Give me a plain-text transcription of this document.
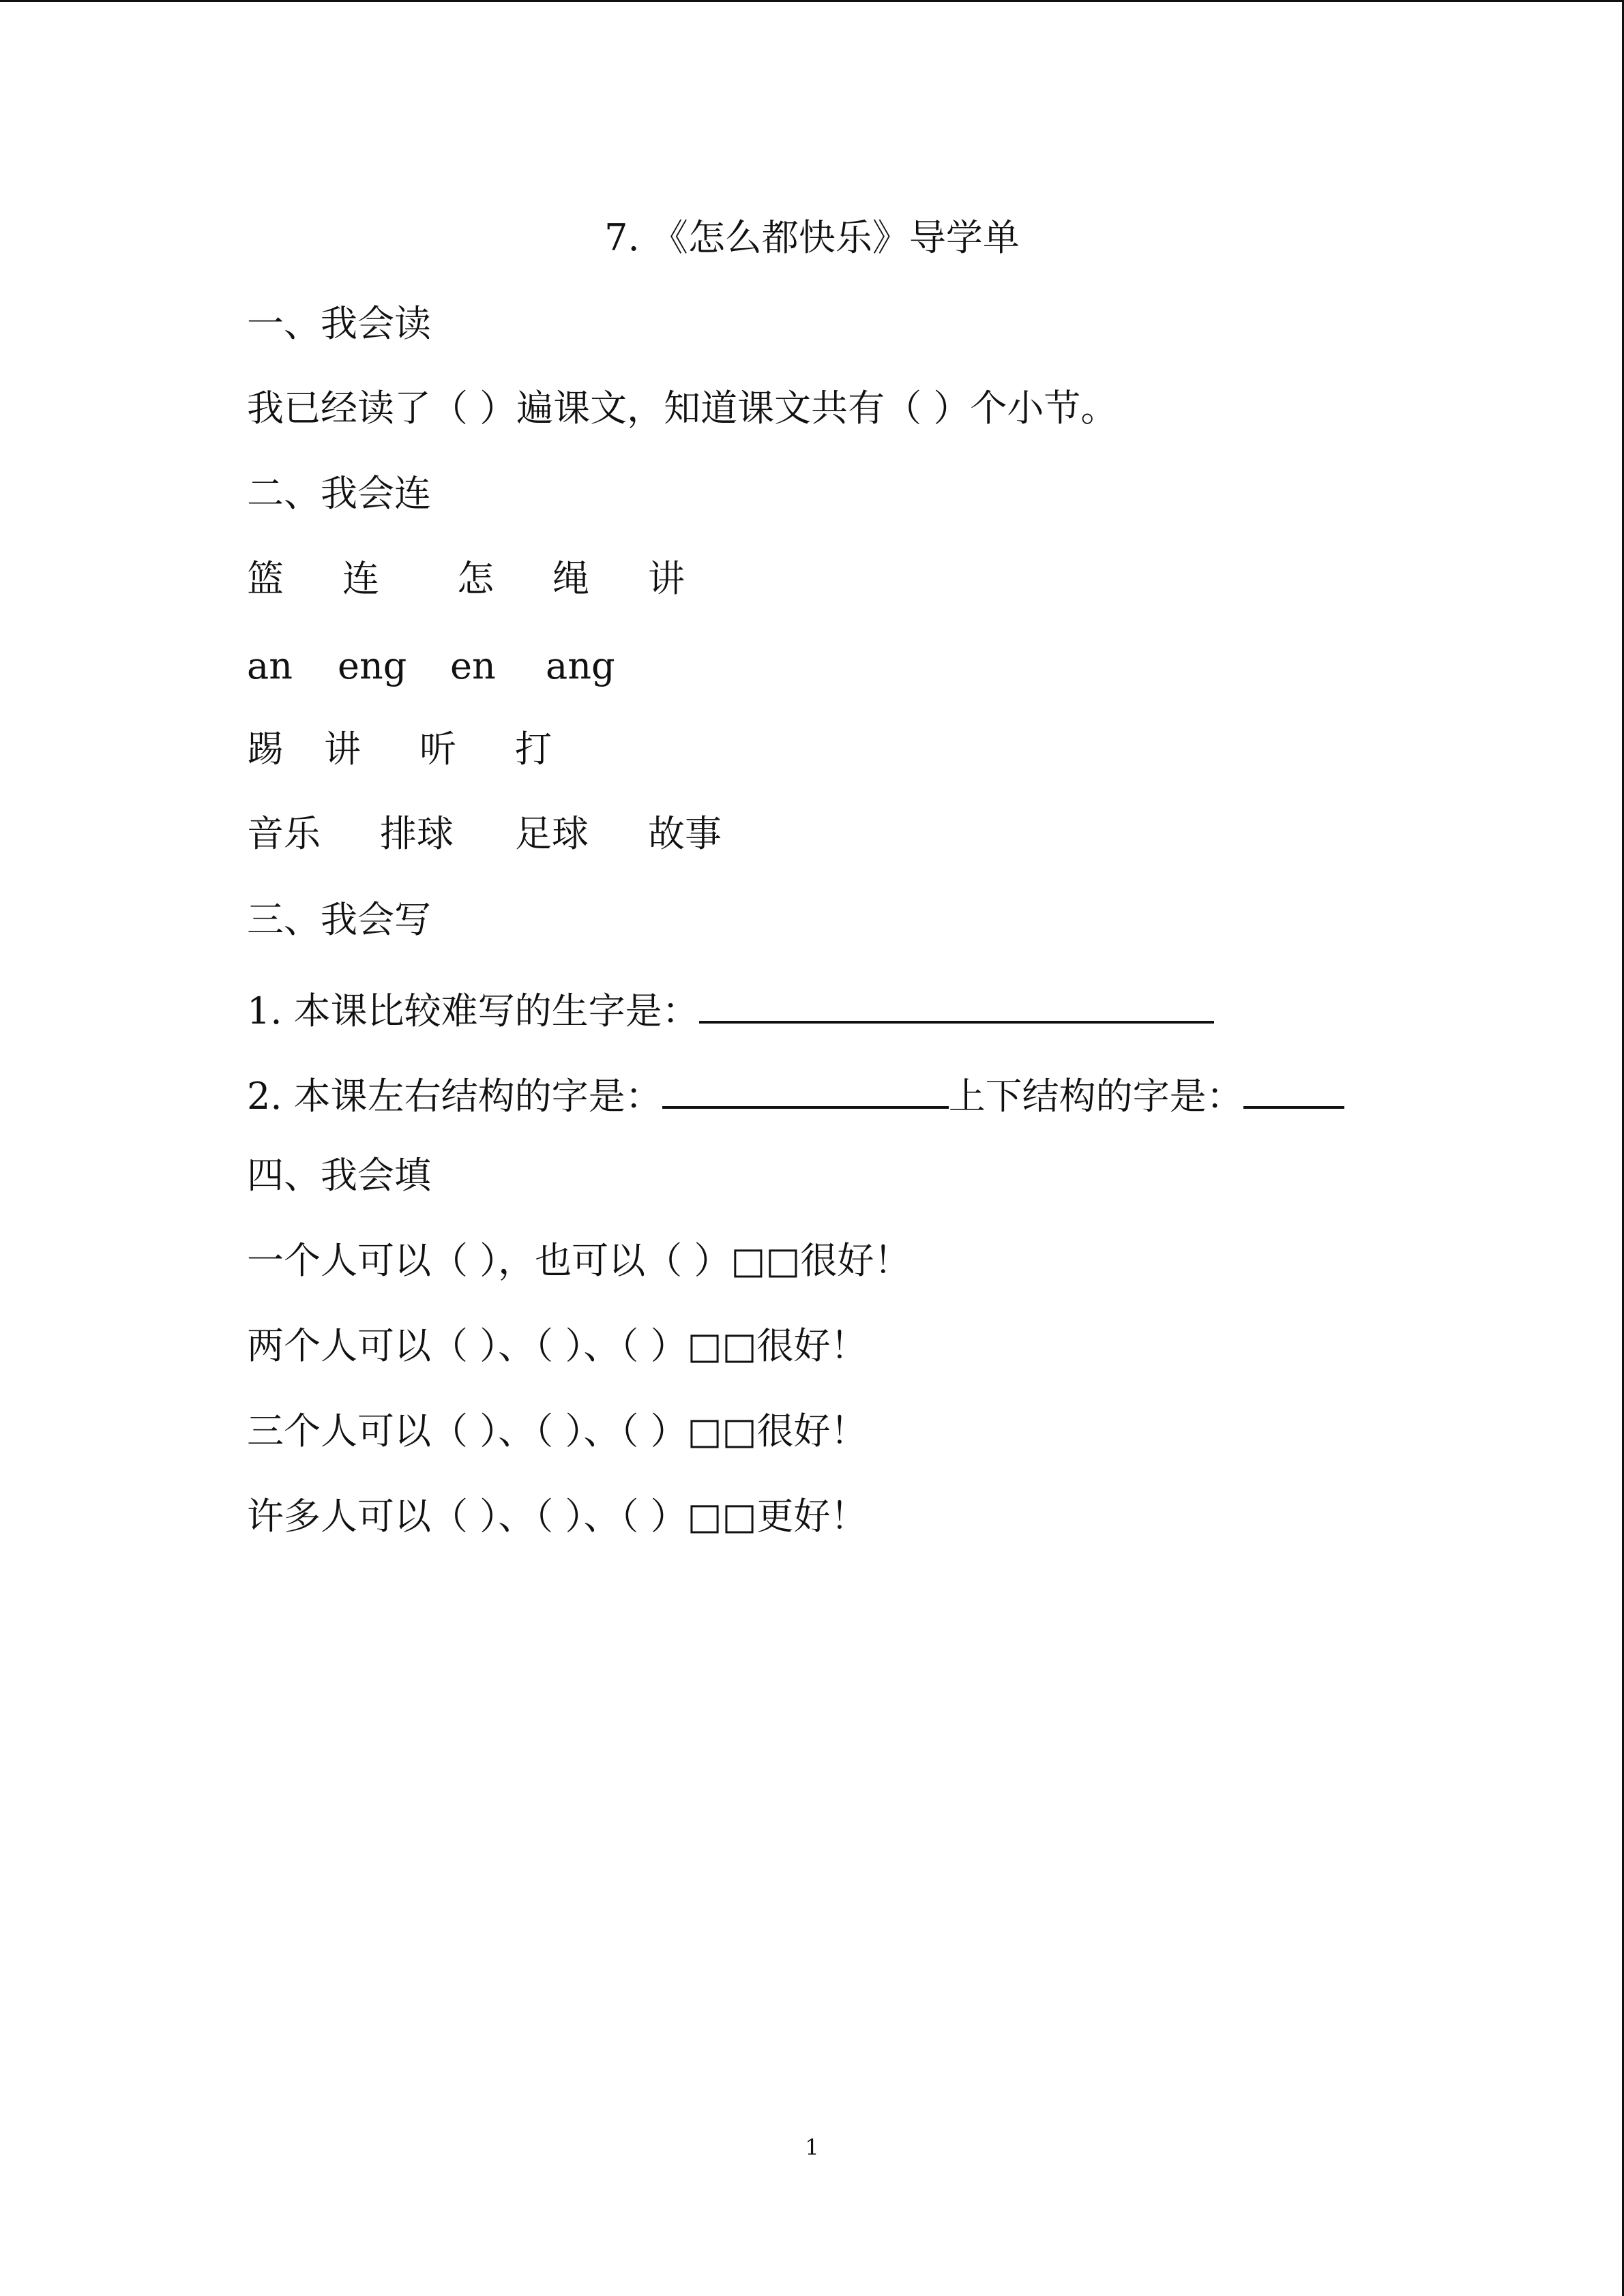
7. 《怎么都快乐》导学单
一、我会读
我已经读了（ ）遍课文，知道课文共有（ ）个小节。
二、我会连
篮 连 怎 绳 讲
an eng en ang
踢 讲 听 打
音乐 排球 足球 故事
三、我会写
1. 本课比较难写的生字是：
2. 本课左右结构的字是：	上下结构的字是：
四、我会填
一个人可以（ ），也可以（ ）□□很好！
两个人可以（ ）、（ ）、（ ）□□很好！
三个人可以（ ）、（ ）、（ ）□□很好！
许多人可以（ ）、（ ）、（ ）□□更好！
1
